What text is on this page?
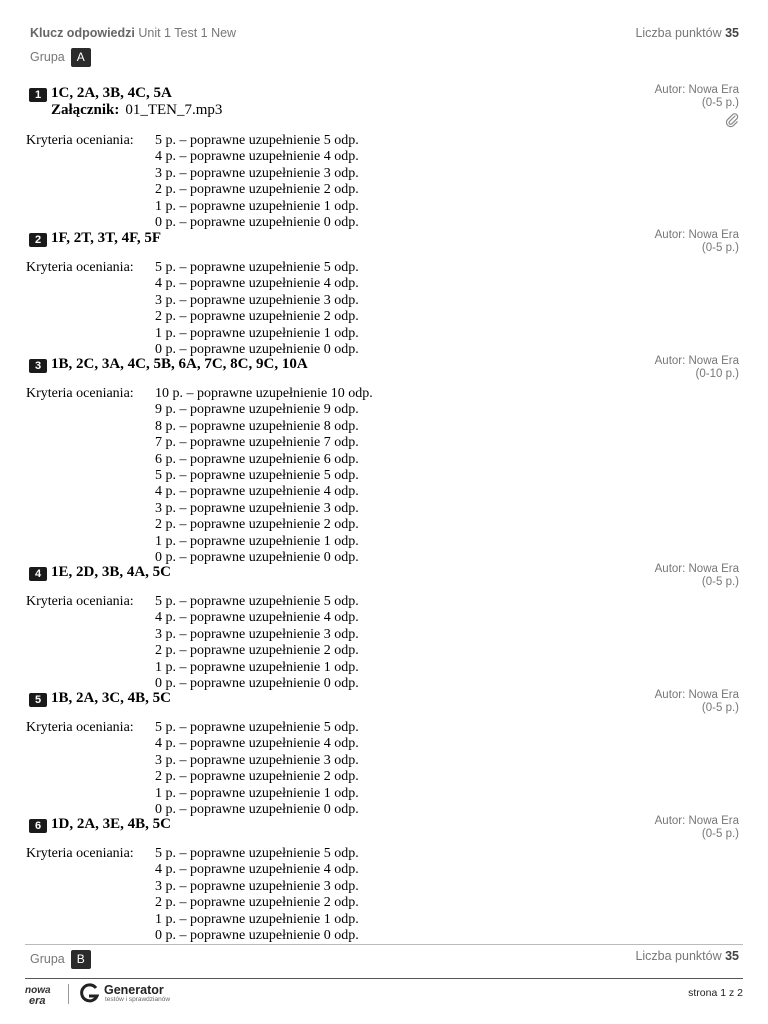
Klucz odpowiedzi Unit 1 Test 1 New	Liczba punktów 35
Grupa A
1 1C, 2A, 3B, 4C, 5A
Załącznik: 01_TEN_7.mp3
Autor: Nowa Era
(0-5 p.)
Kryteria oceniania: 5 p. – poprawne uzupełnienie 5 odp.
4 p. – poprawne uzupełnienie 4 odp.
3 p. – poprawne uzupełnienie 3 odp.
2 p. – poprawne uzupełnienie 2 odp.
1 p. – poprawne uzupełnienie 1 odp.
0 p. – poprawne uzupełnienie 0 odp.
2 1F, 2T, 3T, 4F, 5F	Autor: Nowa Era
(0-5 p.)
Kryteria oceniania: 5 p. – poprawne uzupełnienie 5 odp.
4 p. – poprawne uzupełnienie 4 odp.
3 p. – poprawne uzupełnienie 3 odp.
2 p. – poprawne uzupełnienie 2 odp.
1 p. – poprawne uzupełnienie 1 odp.
0 p. – poprawne uzupełnienie 0 odp.
3 1B, 2C, 3A, 4C, 5B, 6A, 7C, 8C, 9C, 10A	Autor: Nowa Era
(0-10 p.)
Kryteria oceniania: 10 p. – poprawne uzupełnienie 10 odp.
9 p. – poprawne uzupełnienie 9 odp.
8 p. – poprawne uzupełnienie 8 odp.
7 p. – poprawne uzupełnienie 7 odp.
6 p. – poprawne uzupełnienie 6 odp.
5 p. – poprawne uzupełnienie 5 odp.
4 p. – poprawne uzupełnienie 4 odp.
3 p. – poprawne uzupełnienie 3 odp.
2 p. – poprawne uzupełnienie 2 odp.
1 p. – poprawne uzupełnienie 1 odp.
0 p. – poprawne uzupełnienie 0 odp.
4 1E, 2D, 3B, 4A, 5C	Autor: Nowa Era
(0-5 p.)
Kryteria oceniania: 5 p. – poprawne uzupełnienie 5 odp.
4 p. – poprawne uzupełnienie 4 odp.
3 p. – poprawne uzupełnienie 3 odp.
2 p. – poprawne uzupełnienie 2 odp.
1 p. – poprawne uzupełnienie 1 odp.
0 p. – poprawne uzupełnienie 0 odp.
5 1B, 2A, 3C, 4B, 5C	Autor: Nowa Era
(0-5 p.)
Kryteria oceniania: 5 p. – poprawne uzupełnienie 5 odp.
4 p. – poprawne uzupełnienie 4 odp.
3 p. – poprawne uzupełnienie 3 odp.
2 p. – poprawne uzupełnienie 2 odp.
1 p. – poprawne uzupełnienie 1 odp.
0 p. – poprawne uzupełnienie 0 odp.
6 1D, 2A, 3E, 4B, 5C	Autor: Nowa Era
(0-5 p.)
Kryteria oceniania: 5 p. – poprawne uzupełnienie 5 odp.
4 p. – poprawne uzupełnienie 4 odp.
3 p. – poprawne uzupełnienie 3 odp.
2 p. – poprawne uzupełnienie 2 odp.
1 p. – poprawne uzupełnienie 1 odp.
0 p. – poprawne uzupełnienie 0 odp.
Grupa B	Liczba punktów 35
nowa
era
Generator
testów i sprawdzianów
strona 1 z 2
